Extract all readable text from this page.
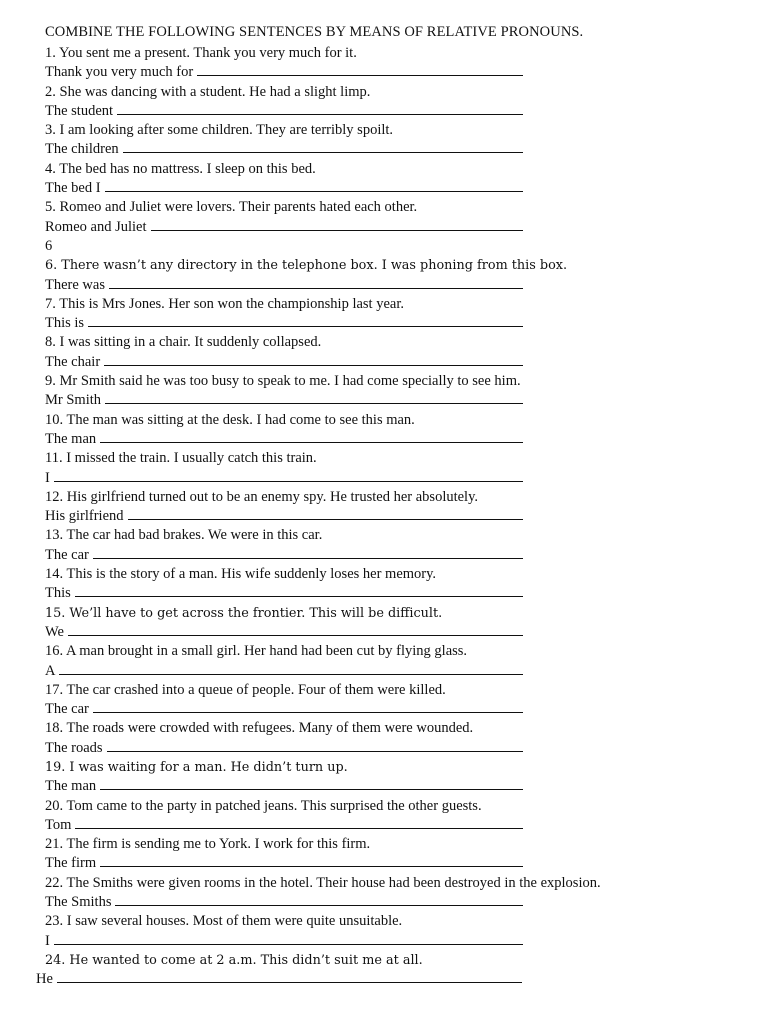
COMBINE THE FOLLOWING SENTENCES BY MEANS OF RELATIVE PRONOUNS.
1. You sent me a present. Thank you very much for it.
Thank you very much for
2. She was dancing with a student. He had a slight limp.
The student
3. I am looking after some children. They are terribly spoilt.
The children
4. The bed has no mattress. I sleep on this bed.
The bed I
5. Romeo and Juliet were lovers. Their parents hated each other.
Romeo and Juliet
6
6. There wasn’t any directory in the telephone box. I was phoning from this box.
There was
7. This is Mrs Jones. Her son won the championship last year.
This is
8. I was sitting in a chair. It suddenly collapsed.
The chair
9. Mr Smith said he was too busy to speak to me. I had come specially to see him.
Mr Smith
10. The man was sitting at the desk. I had come to see this man.
The man
11. I missed the train. I usually catch this train.
I
12. His girlfriend turned out to be an enemy spy. He trusted her absolutely.
His girlfriend
13. The car had bad brakes. We were in this car.
The car
14. This is the story of a man. His wife suddenly loses her memory.
This
15. We’ll have to get across the frontier. This will be difficult.
We
16. A man brought in a small girl. Her hand had been cut by flying glass.
A
17. The car crashed into a queue of people. Four of them were killed.
The car
18. The roads were crowded with refugees. Many of them were wounded.
The roads
19. I was waiting for a man. He didn’t turn up.
The man
20. Tom came to the party in patched jeans. This surprised the other guests.
Tom
21. The firm is sending me to York. I work for this firm.
The firm
22. The Smiths were given rooms in the hotel. Their house had been destroyed in the explosion.
The Smiths
23. I saw several houses. Most of them were quite unsuitable.
I
24. He wanted to come at 2 a.m. This didn’t suit me at all.
He
